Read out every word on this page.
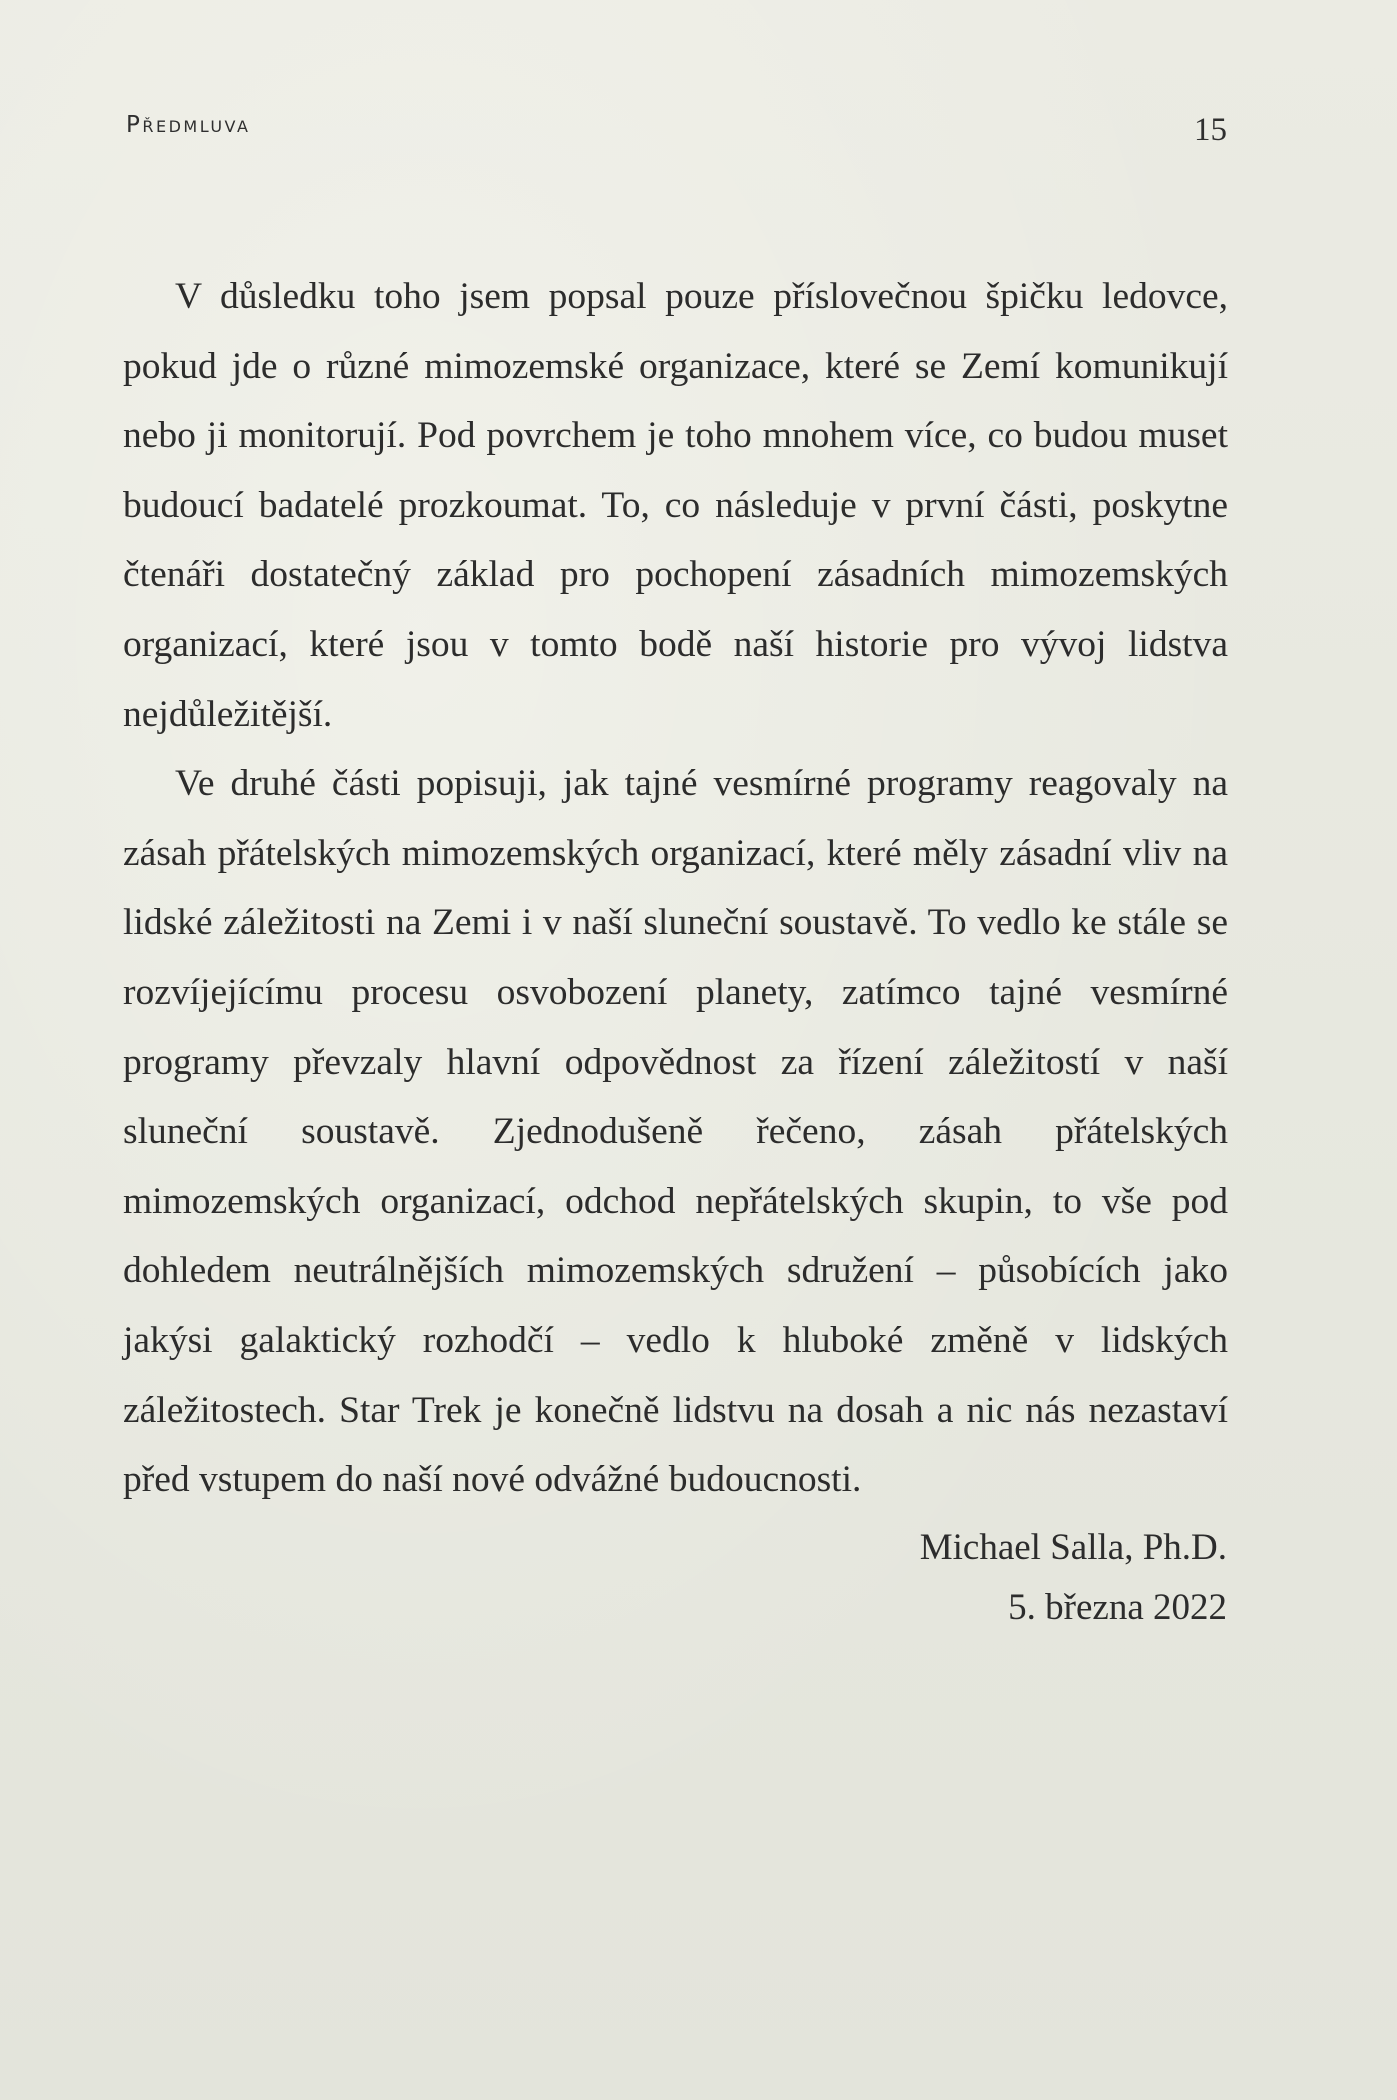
Předmluva	15

V důsledku toho jsem popsal pouze příslovečnou špičku ledovce, pokud jde o různé mimozemské organizace, které se Zemí komunikují nebo ji monitorují. Pod povrchem je toho mnohem více, co budou muset budoucí badatelé prozkoumat. To, co následuje v první části, poskytne čtenáři dostatečný základ pro pochopení zásadních mimozemských organizací, které jsou v tomto bodě naší historie pro vývoj lidstva nejdůležitější.

Ve druhé části popisuji, jak tajné vesmírné programy reagovaly na zásah přátelských mimozemských organizací, které měly zásadní vliv na lidské záležitosti na Zemi i v naší sluneční soustavě. To vedlo ke stále se rozvíjejícímu procesu osvobození planety, zatímco tajné vesmírné programy převzaly hlavní odpovědnost za řízení záležitostí v naší sluneční soustavě. Zjednodušeně řečeno, zásah přátelských mimozemských organizací, odchod nepřátelských skupin, to vše pod dohledem neutrálnějších mimozemských sdružení – působících jako jakýsi galaktický rozhodčí – vedlo k hluboké změně v lidských záležitostech. Star Trek je konečně lidstvu na dosah a nic nás nezastaví před vstupem do naší nové odvážné budoucnosti.

Michael Salla, Ph.D.
5. března 2022
